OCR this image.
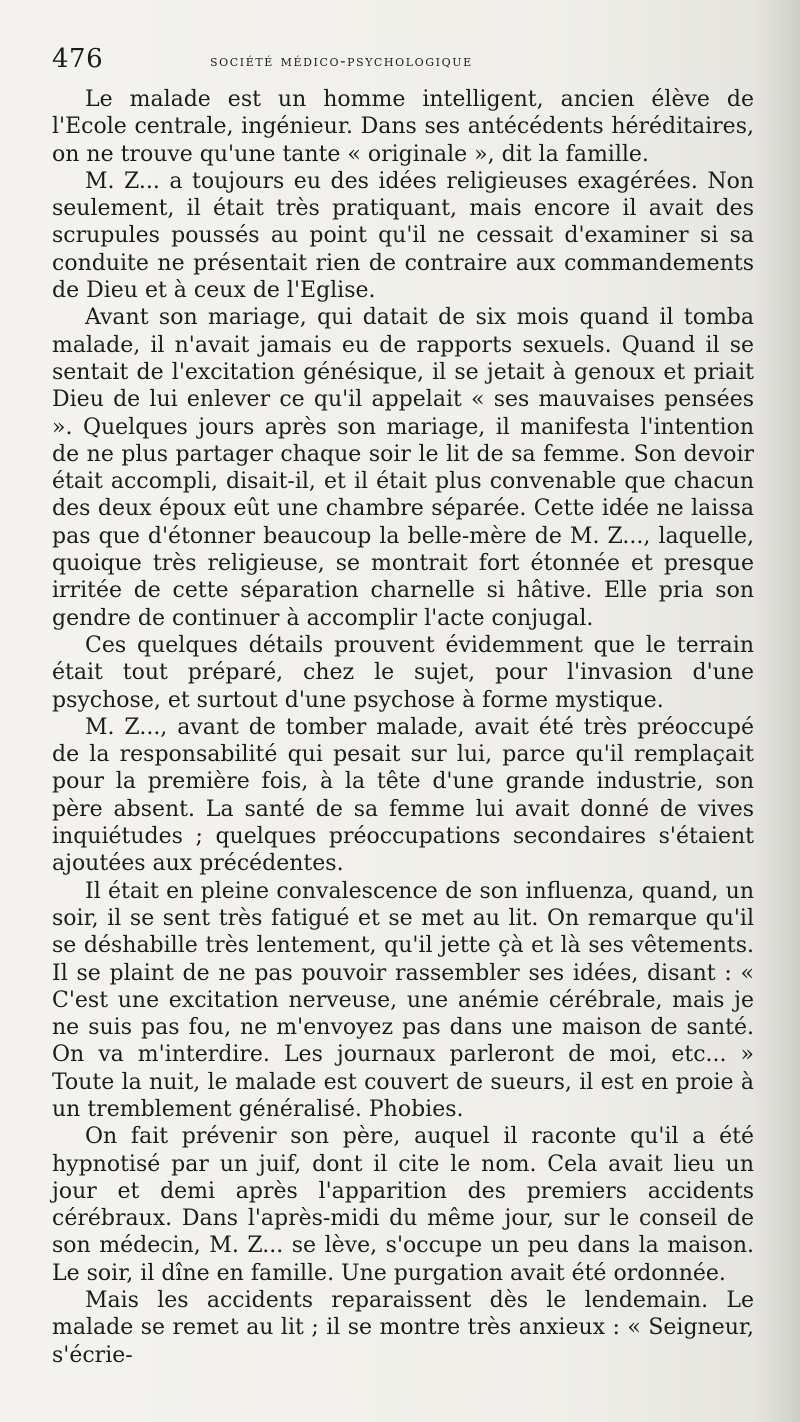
476	société médico-psychologique

Le malade est un homme intelligent, ancien élève de l'Ecole centrale, ingénieur. Dans ses antécédents héréditaires, on ne trouve qu'une tante « originale », dit la famille.

M. Z... a toujours eu des idées religieuses exagérées. Non seulement, il était très pratiquant, mais encore il avait des scrupules poussés au point qu'il ne cessait d'examiner si sa conduite ne présentait rien de contraire aux commandements de Dieu et à ceux de l'Eglise.

Avant son mariage, qui datait de six mois quand il tomba malade, il n'avait jamais eu de rapports sexuels. Quand il se sentait de l'excitation génésique, il se jetait à genoux et priait Dieu de lui enlever ce qu'il appelait « ses mauvaises pensées ». Quelques jours après son mariage, il manifesta l'intention de ne plus partager chaque soir le lit de sa femme. Son devoir était accompli, disait-il, et il était plus convenable que chacun des deux époux eût une chambre séparée. Cette idée ne laissa pas que d'étonner beaucoup la belle-mère de M. Z..., laquelle, quoique très religieuse, se montrait fort étonnée et presque irritée de cette séparation charnelle si hâtive. Elle pria son gendre de continuer à accomplir l'acte conjugal.

Ces quelques détails prouvent évidemment que le terrain était tout préparé, chez le sujet, pour l'invasion d'une psychose, et surtout d'une psychose à forme mystique.

M. Z..., avant de tomber malade, avait été très préoccupé de la responsabilité qui pesait sur lui, parce qu'il remplaçait pour la première fois, à la tête d'une grande industrie, son père absent. La santé de sa femme lui avait donné de vives inquiétudes ; quelques préoccupations secondaires s'étaient ajoutées aux précédentes.

Il était en pleine convalescence de son influenza, quand, un soir, il se sent très fatigué et se met au lit. On remarque qu'il se déshabille très lentement, qu'il jette çà et là ses vêtements. Il se plaint de ne pas pouvoir rassembler ses idées, disant : « C'est une excitation nerveuse, une anémie cérébrale, mais je ne suis pas fou, ne m'envoyez pas dans une maison de santé. On va m'interdire. Les journaux parleront de moi, etc... » Toute la nuit, le malade est couvert de sueurs, il est en proie à un tremblement généralisé. Phobies.

On fait prévenir son père, auquel il raconte qu'il a été hypnotisé par un juif, dont il cite le nom. Cela avait lieu un jour et demi après l'apparition des premiers accidents cérébraux. Dans l'après-midi du même jour, sur le conseil de son médecin, M. Z... se lève, s'occupe un peu dans la maison. Le soir, il dîne en famille. Une purgation avait été ordonnée.

Mais les accidents reparaissent dès le lendemain. Le malade se remet au lit ; il se montre très anxieux : « Seigneur, s'écrie-
